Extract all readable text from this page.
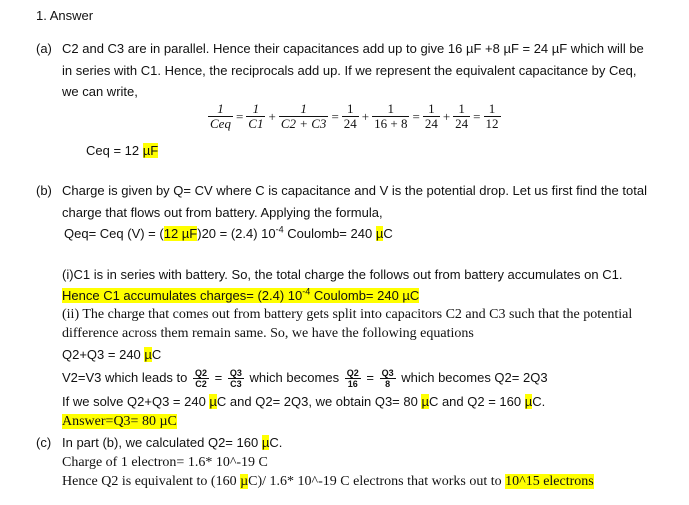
1. Answer
(a) C2 and C3 are in parallel. Hence their capacitances add up to give 16 µF +8 µF = 24 µF which will be
in series with C1. Hence, the reciprocals add up. If we represent the equivalent capacitance by Ceq,
we can write,
$\frac{1}{\text{Ceq}} = \frac{1}{C1} + \frac{1}{C2 + C3} = \frac{1}{24} + \frac{1}{16 + 8} = \frac{1}{24} + \frac{1}{24} = \frac{1}{12}$
Ceq = 12 µF
(b) Charge is given by Q= CV where C is capacitance and V is the potential drop. Let us first find the total
charge that flows out from battery. Applying the formula,
Qeq= Ceq (V) = (12 µF)20 = (2.4) $10^{-4}$ Coulomb= 240 µC
(i)C1 is in series with battery. So, the total charge the follows out from battery accumulates on C1.
Hence C1 accumulates charges= (2.4) $10^{-4}$ Coulomb= 240 µC
(ii) The charge that comes out from battery gets split into capacitors C2 and C3 such that the potential
difference across them remain same. So, we have the following equations
Q2+Q3 = 240 µC
V2=V3 which leads to $\frac{Q2}{C2} = \frac{Q3}{C3}$ which becomes $\frac{Q2}{16} = \frac{Q3}{8}$ which becomes Q2= 2Q3
If we solve Q2+Q3 = 240 µC and Q2= 2Q3, we obtain Q3= 80 µC and Q2 = 160 µC.
Answer=Q3= 80 µC
(c) In part (b), we calculated Q2= 160 µC.
Charge of 1 electron= 1.6* 10^-19 C
Hence Q2 is equivalent to (160 µC)/ 1.6* 10^-19 C electrons that works out to 10^15 electrons
